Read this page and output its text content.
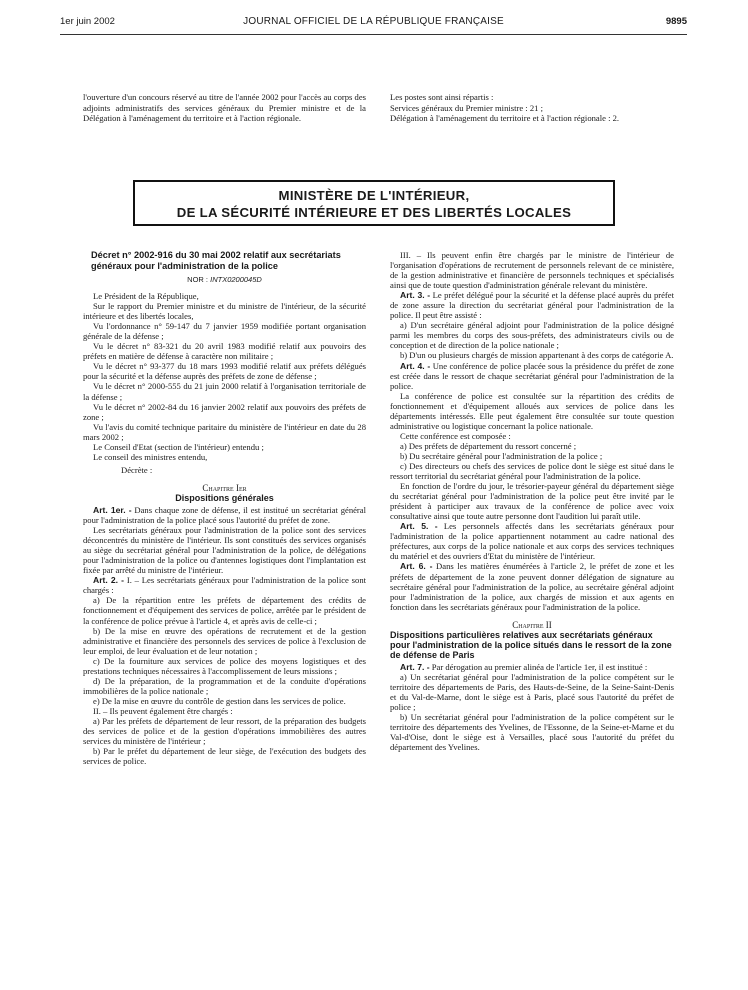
1er juin 2002	JOURNAL OFFICIEL DE LA RÉPUBLIQUE FRANÇAISE	9895

l'ouverture d'un concours réservé au titre de l'année 2002 pour l'accès au corps des adjoints administratifs des services généraux du Premier ministre et de la Délégation à l'aménagement du territoire et à l'action régionale.

Les postes sont ainsi répartis :

Services généraux du Premier ministre : 21 ;

Délégation à l'aménagement du territoire et à l'action régionale : 2.

MINISTÈRE DE L'INTÉRIEUR,
DE LA SÉCURITÉ INTÉRIEURE ET DES LIBERTÉS LOCALES
Décret n° 2002-916 du 30 mai 2002 relatif aux secrétariats généraux pour l'administration de la police
NOR : INTX0200045D

Le Président de la République,

Sur le rapport du Premier ministre et du ministre de l'intérieur, de la sécurité intérieure et des libertés locales,

Vu l'ordonnance n° 59-147 du 7 janvier 1959 modifiée portant organisation générale de la défense ;

Vu le décret n° 83-321 du 20 avril 1983 modifié relatif aux pouvoirs des préfets en matière de défense à caractère non militaire ;

Vu le décret n° 93-377 du 18 mars 1993 modifié relatif aux préfets délégués pour la sécurité et la défense auprès des préfets de zone de défense ;

Vu le décret n° 2000-555 du 21 juin 2000 relatif à l'organisation territoriale de la défense ;

Vu le décret n° 2002-84 du 16 janvier 2002 relatif aux pouvoirs des préfets de zone ;

Vu l'avis du comité technique paritaire du ministère de l'intérieur en date du 28 mars 2002 ;

Le Conseil d'Etat (section de l'intérieur) entendu ;

Le conseil des ministres entendu,

Décrète :

Chapitre Ier

Dispositions générales

Art. 1er. - Dans chaque zone de défense, il est institué un secrétariat général pour l'administration de la police placé sous l'autorité du préfet de zone.

Les secrétariats généraux pour l'administration de la police sont des services déconcentrés du ministère de l'intérieur. Ils sont constitués des services organisés au siège du secrétariat général pour l'administration de la police, de délégations pour l'administration de la police ou d'antennes logistiques dont l'implantation est fixée par arrêté du ministre de l'intérieur.

Art. 2. - I. – Les secrétariats généraux pour l'administration de la police sont chargés :

a) De la répartition entre les préfets de département des crédits de fonctionnement et d'équipement des services de police, arrêtée par le président de la conférence de police prévue à l'article 4, et après avis de celle-ci ;

b) De la mise en œuvre des opérations de recrutement et de la gestion administrative et financière des personnels des services de police à l'exclusion de leur emploi, de leur évaluation et de leur notation ;

c) De la fourniture aux services de police des moyens logistiques et des prestations techniques nécessaires à l'accomplissement de leurs missions ;

d) De la préparation, de la programmation et de la conduite d'opérations immobilières de la police nationale ;

e) De la mise en œuvre du contrôle de gestion dans les services de police.

II. – Ils peuvent également être chargés :

a) Par les préfets de département de leur ressort, de la préparation des budgets des services de police et de la gestion d'opérations immobilières des autres services du ministère de l'intérieur ;

b) Par le préfet du département de leur siège, de l'exécution des budgets des services de police.

III. – Ils peuvent enfin être chargés par le ministre de l'intérieur de l'organisation d'opérations de recrutement de personnels relevant de ce ministère, de la gestion administrative et financière de personnels techniques et spécialisés ainsi que de toute question d'administration générale relevant du ministère.

Art. 3. - Le préfet délégué pour la sécurité et la défense placé auprès du préfet de zone assure la direction du secrétariat général pour l'administration de la police. Il peut être assisté :

a) D'un secrétaire général adjoint pour l'administration de la police désigné parmi les membres du corps des sous-préfets, des administrateurs civils ou de conception et de direction de la police nationale ;

b) D'un ou plusieurs chargés de mission appartenant à des corps de catégorie A.

Art. 4. - Une conférence de police placée sous la présidence du préfet de zone est créée dans le ressort de chaque secrétariat général pour l'administration de la police.

La conférence de police est consultée sur la répartition des crédits de fonctionnement et d'équipement alloués aux services de police dans les départements intéressés. Elle peut également être consultée sur toute question administrative ou logistique concernant la police nationale.

Cette conférence est composée :

a) Des préfets de département du ressort concerné ;

b) Du secrétaire général pour l'administration de la police ;

c) Des directeurs ou chefs des services de police dont le siège est situé dans le ressort territorial du secrétariat général pour l'administration de la police.

En fonction de l'ordre du jour, le trésorier-payeur général du département siège du secrétariat général pour l'administration de la police peut être invité par le président à participer aux travaux de la conférence de police avec voix consultative ainsi que toute autre personne dont l'audition lui paraît utile.

Art. 5. - Les personnels affectés dans les secrétariats généraux pour l'administration de la police appartiennent notamment au cadre national des préfectures, aux corps de la police nationale et aux corps des services techniques du matériel et des ouvriers d'Etat du ministère de l'intérieur.

Art. 6. - Dans les matières énumérées à l'article 2, le préfet de zone et les préfets de département de la zone peuvent donner délégation de signature au secrétaire général pour l'administration de la police, au secrétaire général adjoint pour l'administration de la police, aux chargés de mission et aux agents en fonction dans les secrétariats généraux pour l'administration de la police.

Chapitre II

Dispositions particulières relatives aux secrétariats généraux pour l'administration de la police situés dans le ressort de la zone de défense de Paris

Art. 7. - Par dérogation au premier alinéa de l'article 1er, il est institué :

a) Un secrétariat général pour l'administration de la police compétent sur le territoire des départements de Paris, des Hauts-de-Seine, de la Seine-Saint-Denis et du Val-de-Marne, dont le siège est à Paris, placé sous l'autorité du préfet de police ;

b) Un secrétariat général pour l'administration de la police compétent sur le territoire des départements des Yvelines, de l'Essonne, de la Seine-et-Marne et du Val-d'Oise, dont le siège est à Versailles, placé sous l'autorité du préfet du département des Yvelines.
